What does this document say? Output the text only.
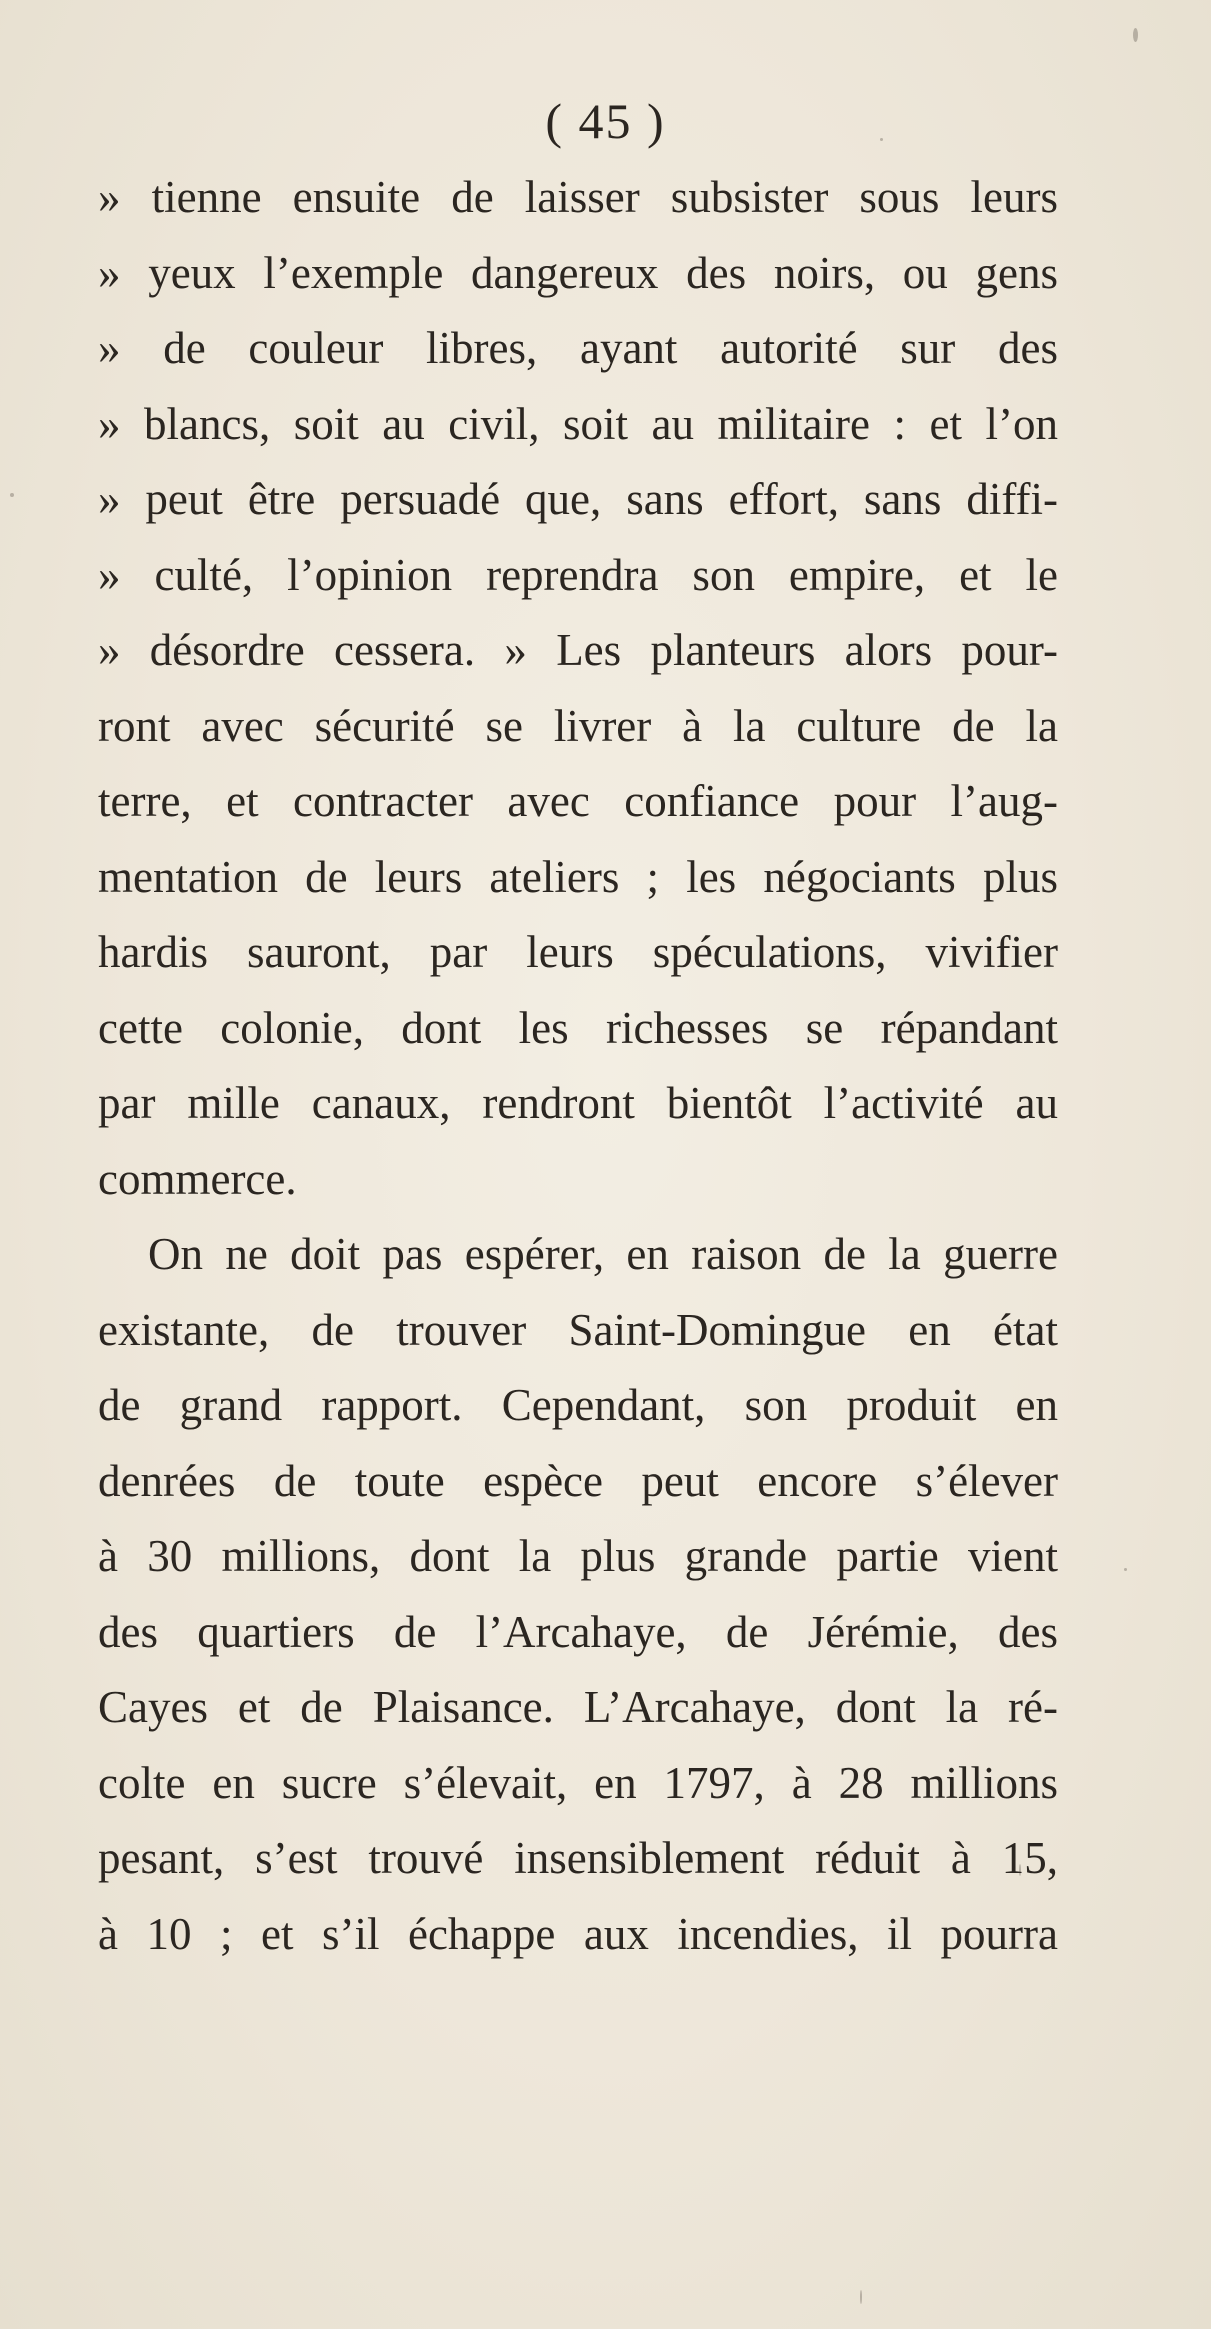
( 45 )
» tienne ensuite de laisser subsister sous leurs
» yeux l’exemple dangereux des noirs, ou gens
» de couleur libres, ayant autorité sur des
» blancs, soit au civil, soit au militaire : et l’on
» peut être persuadé que, sans effort, sans diffi-
» culté, l’opinion reprendra son empire, et le
» désordre cessera. » Les planteurs alors pour-
ront avec sécurité se livrer à la culture de la
terre, et contracter avec confiance pour l’aug-
mentation de leurs ateliers ; les négociants plus
hardis sauront, par leurs spéculations, vivifier
cette colonie, dont les richesses se répandant
par mille canaux, rendront bientôt l’activité au
commerce.
On ne doit pas espérer, en raison de la guerre
existante, de trouver Saint-Domingue en état
de grand rapport. Cependant, son produit en
denrées de toute espèce peut encore s’élever
à 30 millions, dont la plus grande partie vient
des quartiers de l’Arcahaye, de Jérémie, des
Cayes et de Plaisance. L’Arcahaye, dont la ré-
colte en sucre s’élevait, en 1797, à 28 millions
pesant, s’est trouvé insensiblement réduit à 15,
à 10 ; et s’il échappe aux incendies, il pourra
